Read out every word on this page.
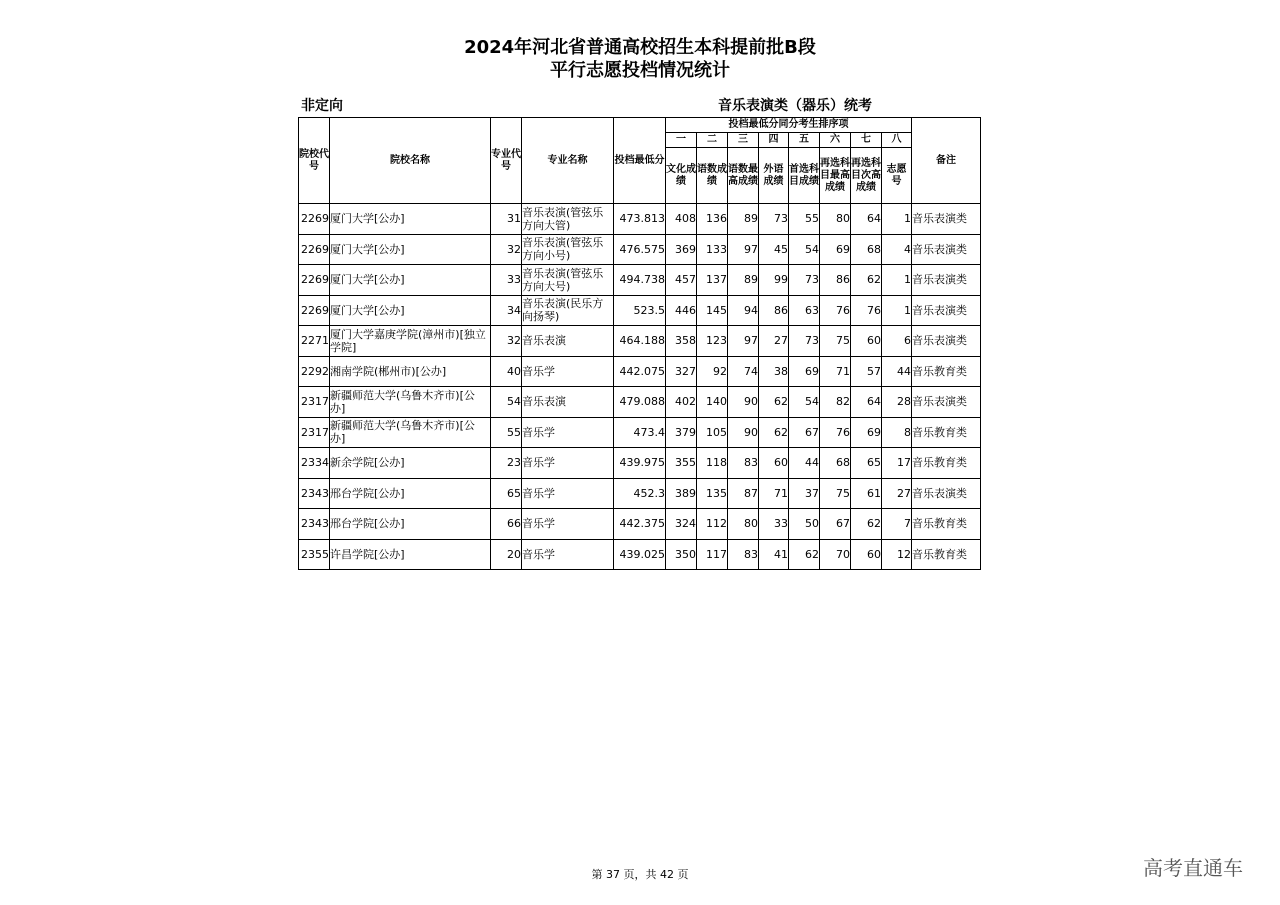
2024年河北省普通高校招生本科提前批B段
平行志愿投档情况统计
非定向	音乐表演类（器乐）统考
院校代号	院校名称	专业代号	专业名称	投档最低分	投档最低分同分考生排序项								备注
					一	二	三	四	五	六	七	八	
					文化成绩	语数成绩	语数最高成绩	外语成绩	首选科目成绩	再选科目最高成绩	再选科目次高成绩	志愿号	
2269	厦门大学[公办]	31	音乐表演(管弦乐方向大管)	473.813	408	136	89	73	55	80	64	1	音乐表演类
2269	厦门大学[公办]	32	音乐表演(管弦乐方向小号)	476.575	369	133	97	45	54	69	68	4	音乐表演类
2269	厦门大学[公办]	33	音乐表演(管弦乐方向大号)	494.738	457	137	89	99	73	86	62	1	音乐表演类
2269	厦门大学[公办]	34	音乐表演(民乐方向扬琴)	523.5	446	145	94	86	63	76	76	1	音乐表演类
2271	厦门大学嘉庚学院(漳州市)[独立学院]	32	音乐表演	464.188	358	123	97	27	73	75	60	6	音乐表演类
2292	湘南学院(郴州市)[公办]	40	音乐学	442.075	327	92	74	38	69	71	57	44	音乐教育类
2317	新疆师范大学(乌鲁木齐市)[公办]	54	音乐表演	479.088	402	140	90	62	54	82	64	28	音乐表演类
2317	新疆师范大学(乌鲁木齐市)[公办]	55	音乐学	473.4	379	105	90	62	67	76	69	8	音乐教育类
2334	新余学院[公办]	23	音乐学	439.975	355	118	83	60	44	68	65	17	音乐教育类
2343	邢台学院[公办]	65	音乐学	452.3	389	135	87	71	37	75	61	27	音乐表演类
2343	邢台学院[公办]	66	音乐学	442.375	324	112	80	33	50	67	62	7	音乐教育类
2355	许昌学院[公办]	20	音乐学	439.025	350	117	83	41	62	70	60	12	音乐教育类
第 37 页，共 42 页	高考直通车
